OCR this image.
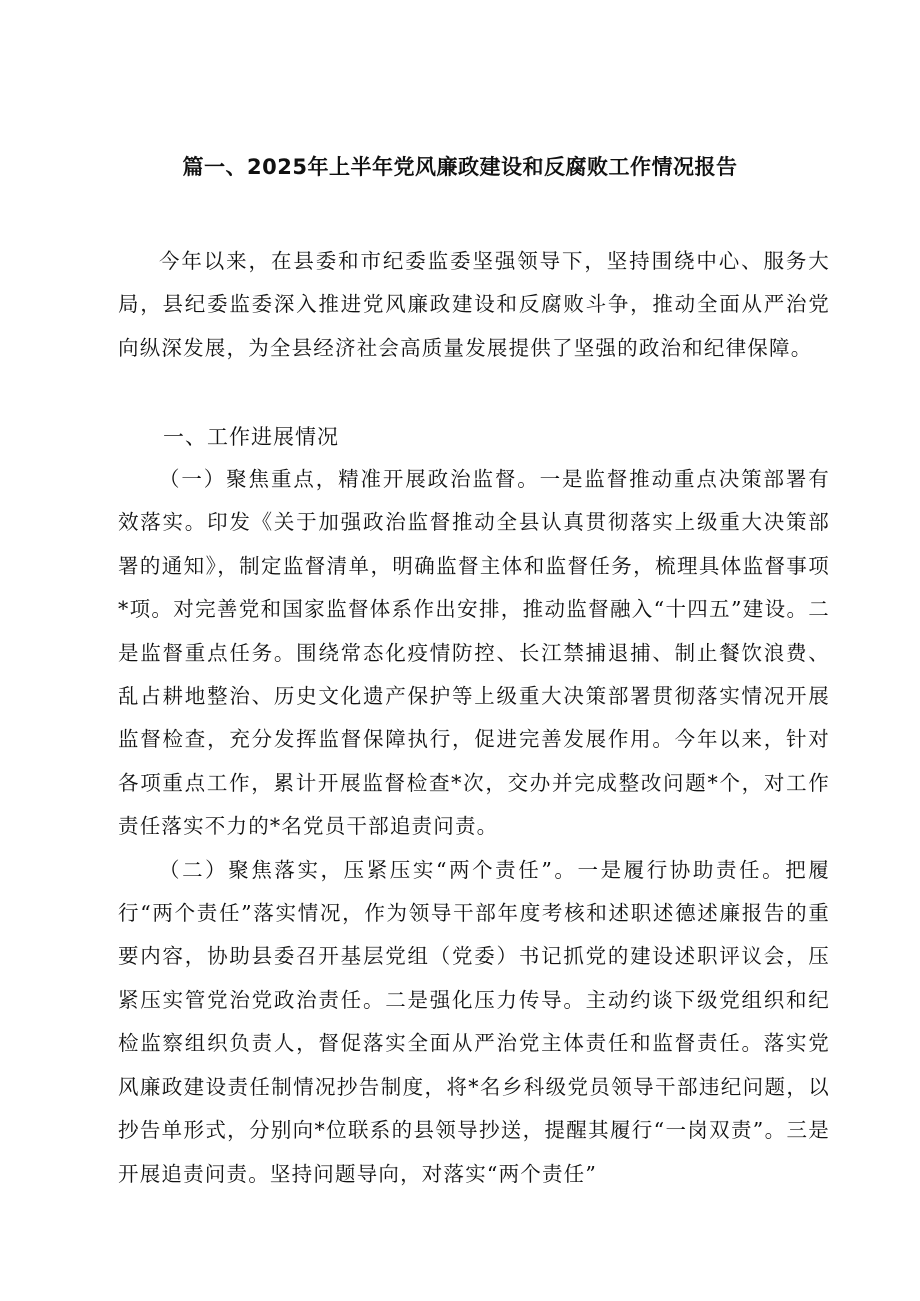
篇一、2025年上半年党风廉政建设和反腐败工作情况报告

今年以来，在县委和市纪委监委坚强领导下，坚持围绕中心、服务大局，县纪委监委深入推进党风廉政建设和反腐败斗争，推动全面从严治党向纵深发展，为全县经济社会高质量发展提供了坚强的政治和纪律保障。

一、工作进展情况

（一）聚焦重点，精准开展政治监督。一是监督推动重点决策部署有效落实。印发《关于加强政治监督推动全县认真贯彻落实上级重大决策部署的通知》，制定监督清单，明确监督主体和监督任务，梳理具体监督事项*项。对完善党和国家监督体系作出安排，推动监督融入“十四五”建设。二是监督重点任务。围绕常态化疫情防控、长江禁捕退捕、制止餐饮浪费、乱占耕地整治、历史文化遗产保护等上级重大决策部署贯彻落实情况开展监督检查，充分发挥监督保障执行，促进完善发展作用。今年以来，针对各项重点工作，累计开展监督检查*次，交办并完成整改问题*个，对工作责任落实不力的*名党员干部追责问责。

（二）聚焦落实，压紧压实“两个责任”。一是履行协助责任。把履行“两个责任”落实情况，作为领导干部年度考核和述职述德述廉报告的重要内容，协助县委召开基层党组（党委）书记抓党的建设述职评议会，压紧压实管党治党政治责任。二是强化压力传导。主动约谈下级党组织和纪检监察组织负责人，督促落实全面从严治党主体责任和监督责任。落实党风廉政建设责任制情况抄告制度，将*名乡科级党员领导干部违纪问题，以抄告单形式，分别向*位联系的县领导抄送，提醒其履行“一岗双责”。三是开展追责问责。坚持问题导向，对落实“两个责任”
